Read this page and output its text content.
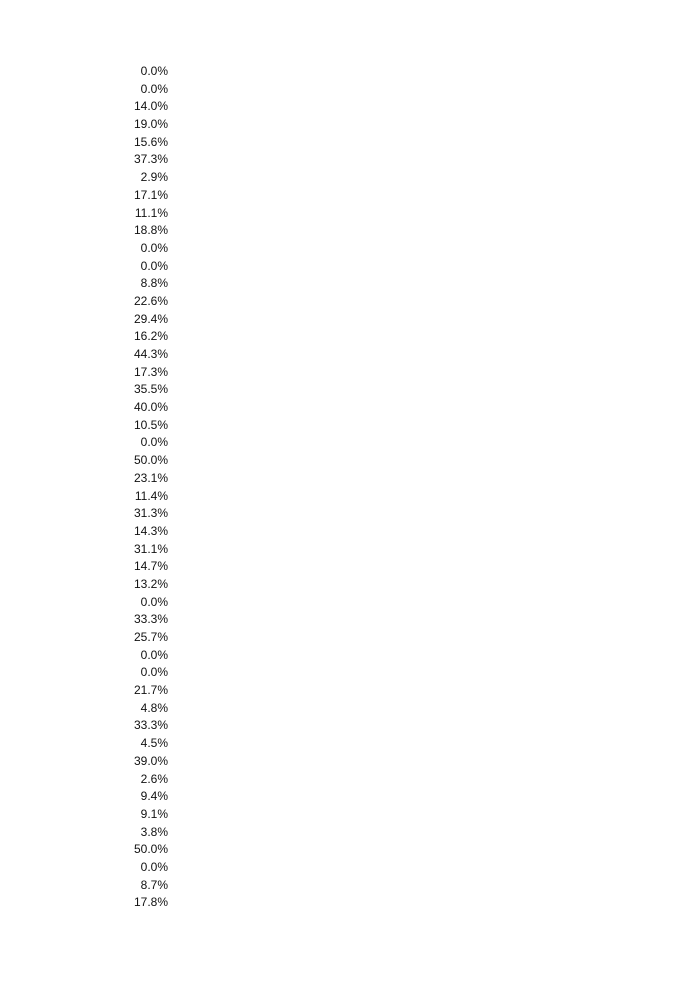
0.0%
0.0%
14.0%
19.0%
15.6%
37.3%
2.9%
17.1%
11.1%
18.8%
0.0%
0.0%
8.8%
22.6%
29.4%
16.2%
44.3%
17.3%
35.5%
40.0%
10.5%
0.0%
50.0%
23.1%
11.4%
31.3%
14.3%
31.1%
14.7%
13.2%
0.0%
33.3%
25.7%
0.0%
0.0%
21.7%
4.8%
33.3%
4.5%
39.0%
2.6%
9.4%
9.1%
3.8%
50.0%
0.0%
8.7%
17.8%
